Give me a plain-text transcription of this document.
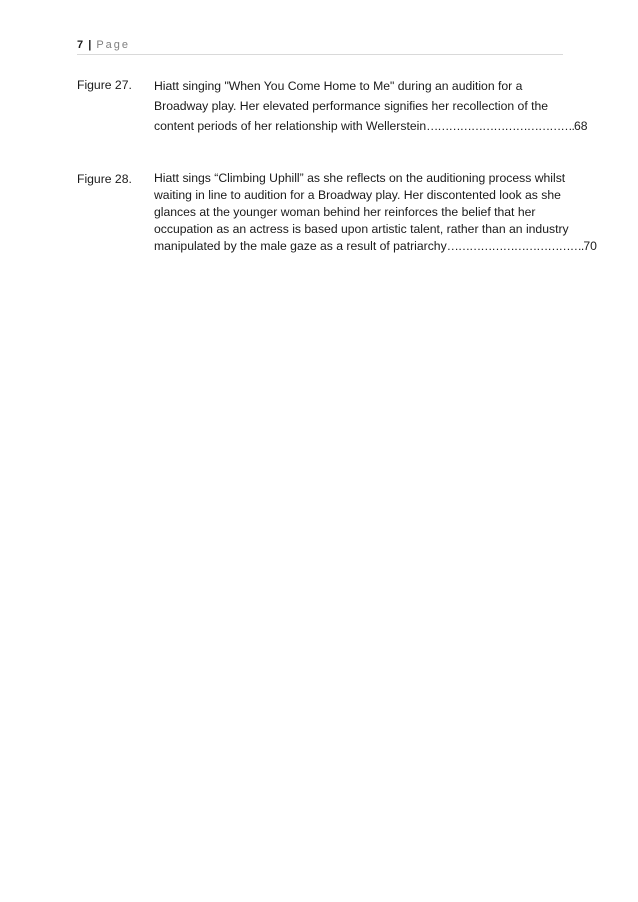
7 | Page
Figure 27. Hiatt singing "When You Come Home to Me" during an audition for a
Broadway play. Her elevated performance signifies her recollection of the
content periods of her relationship with Wellerstein………………………………….68
Figure 28. Hiatt sings “Climbing Uphill” as she reflects on the auditioning process whilst
waiting in line to audition for a Broadway play. Her discontented look as she
glances at the younger woman behind her reinforces the belief that her
occupation as an actress is based upon artistic talent, rather than an industry
manipulated by the male gaze as a result of patriarchy……………………………….70
